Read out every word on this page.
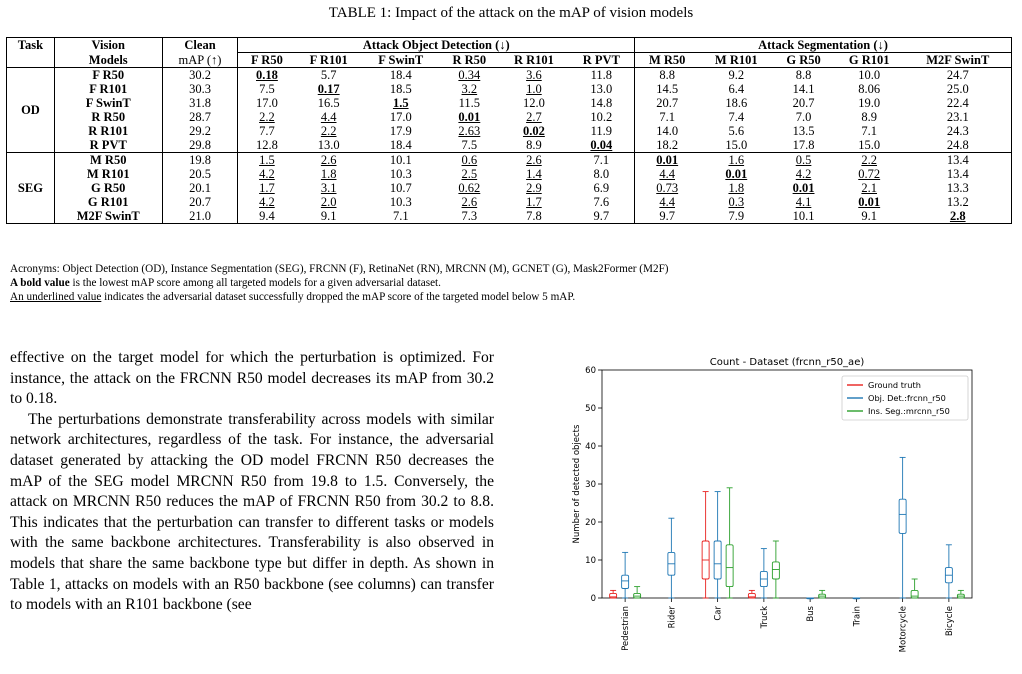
TABLE 1: Impact of the attack on the mAP of vision models
Task	Vision	Clean	Attack Object Detection (↓)						Attack Segmentation (↓)				
	Models	mAP (↑)	F R50	F R101	F SwinT	R R50	R R101	R PVT	M R50	M R101	G R50	G R101	M2F SwinT
OD	F R50	30.2	0.18	5.7	18.4	0.34	3.6	11.8	8.8	9.2	8.8	10.0	24.7
	F R101	30.3	7.5	0.17	18.5	3.2	1.0	13.0	14.5	6.4	14.1	8.06	25.0
	F SwinT	31.8	17.0	16.5	1.5	11.5	12.0	14.8	20.7	18.6	20.7	19.0	22.4
	R R50	28.7	2.2	4.4	17.0	0.01	2.7	10.2	7.1	7.4	7.0	8.9	23.1
	R R101	29.2	7.7	2.2	17.9	2.63	0.02	11.9	14.0	5.6	13.5	7.1	24.3
	R PVT	29.8	12.8	13.0	18.4	7.5	8.9	0.04	18.2	15.0	17.8	15.0	24.8
SEG	M R50	19.8	1.5	2.6	10.1	0.6	2.6	7.1	0.01	1.6	0.5	2.2	13.4
	M R101	20.5	4.2	1.8	10.3	2.5	1.4	8.0	4.4	0.01	4.2	0.72	13.4
	G R50	20.1	1.7	3.1	10.7	0.62	2.9	6.9	0.73	1.8	0.01	2.1	13.3
	G R101	20.7	4.2	2.0	10.3	2.6	1.7	7.6	4.4	0.3	4.1	0.01	13.2
	M2F SwinT	21.0	9.4	9.1	7.1	7.3	7.8	9.7	9.7	7.9	10.1	9.1	2.8
Acronyms: Object Detection (OD), Instance Segmentation (SEG), FRCNN (F), RetinaNet (RN), MRCNN (M), GCNET (G), Mask2Former (M2F)
A bold value is the lowest mAP score among all targeted models for a given adversarial dataset.
An underlined value indicates the adversarial dataset successfully dropped the mAP score of the targeted model below 5 mAP.

effective on the target model for which the perturbation is optimized. For instance, the attack on the FRCNN R50 model decreases its mAP from 30.2 to 0.18.

The perturbations demonstrate transferability across models with similar network architectures, regardless of the task. For instance, the adversarial dataset generated by attacking the OD model FRCNN R50 decreases the mAP of the SEG model MRCNN R50 from 19.8 to 1.5. Conversely, the attack on MRCNN R50 reduces the mAP of FRCNN R50 from 30.2 to 8.8. This indicates that the perturbation can transfer to different tasks or models with the same backbone architectures. Transferability is also observed in models that share the same backbone type but differ in depth. As shown in Table 1, attacks on models with an R50 backbone (see columns) can transfer to models with an R101 backbone (see

Count - Dataset (frcnn_r50_ae)
0
10
20
30
40
50
60
Number of detected objects
Pedestrian	Rider	Car	Truck	Bus	Train	Motorcycle	Bicycle
Ground truth
Obj. Det.:frcnn_r50
Ins. Seg.:mrcnn_r50
